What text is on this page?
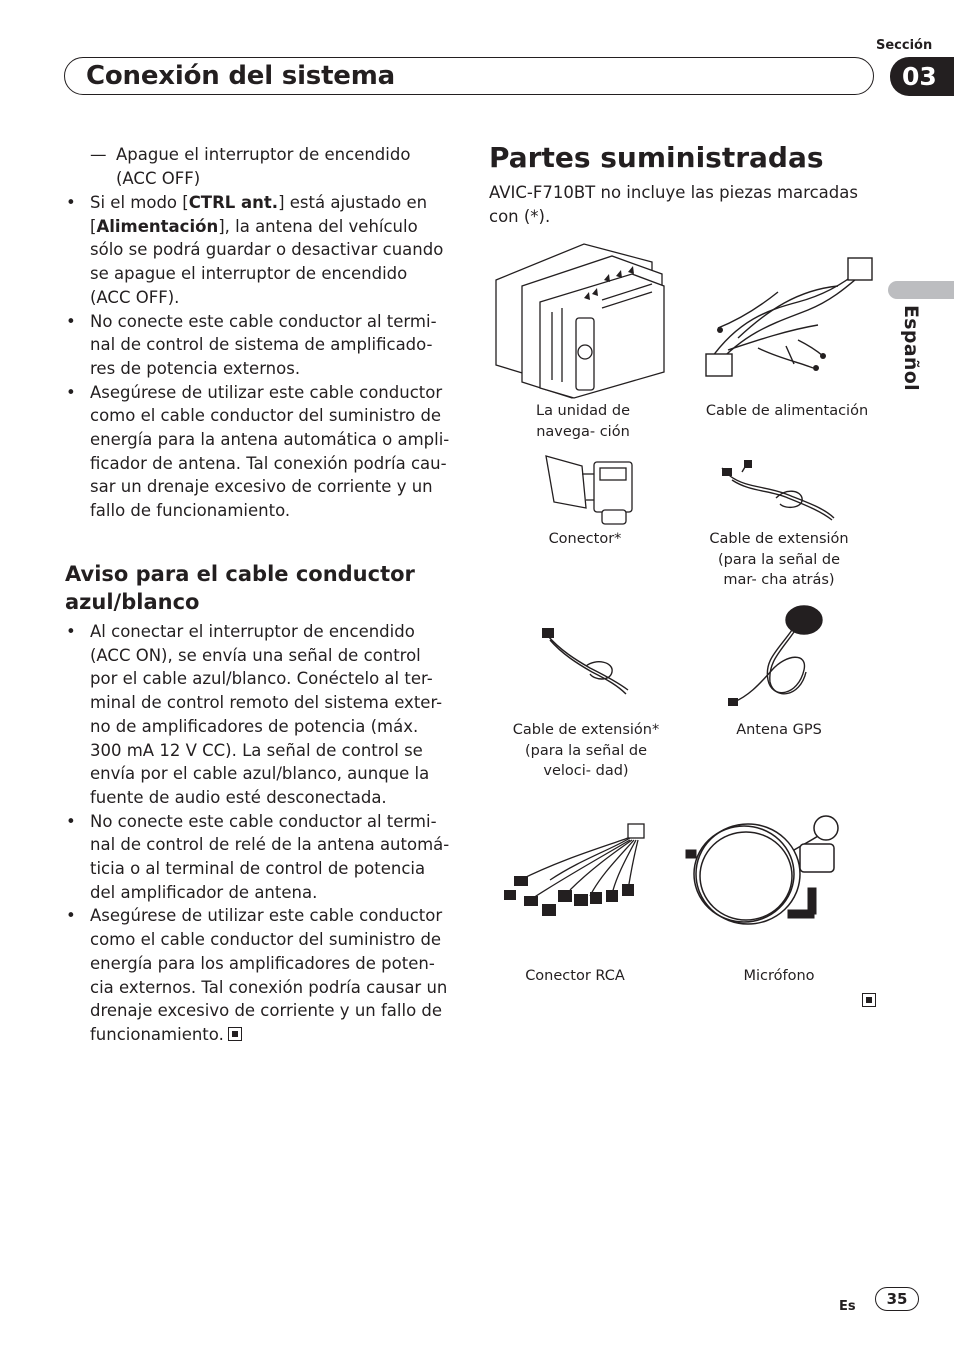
Sección
Conexión del sistema	03
Español
— Apague el interruptor de encendido (ACC OFF)
• Si el modo [CTRL ant.] está ajustado en [Alimentación], la antena del vehículo sólo se podrá guardar o desactivar cuando se apague el interruptor de encendido (ACC OFF).
• No conecte este cable conductor al termi- nal de control de sistema de amplificado- res de potencia externos.
• Asegúrese de utilizar este cable conductor como el cable conductor del suministro de energía para la antena automática o ampli- ficador de antena. Tal conexión podría cau- sar un drenaje excesivo de corriente y un fallo de funcionamiento.
Aviso para el cable conductor azul/blanco
• Al conectar el interruptor de encendido (ACC ON), se envía una señal de control por el cable azul/blanco. Conéctelo al ter- minal de control remoto del sistema exter- no de amplificadores de potencia (máx. 300 mA 12 V CC). La señal de control se envía por el cable azul/blanco, aunque la fuente de audio esté desconectada.
• No conecte este cable conductor al termi- nal de control de relé de la antena automá- ticia o al terminal de control de potencia del amplificador de antena.
• Asegúrese de utilizar este cable conductor como el cable conductor del suministro de energía para los amplificadores de poten- cia externos. Tal conexión podría causar un drenaje excesivo de corriente y un fallo de funcionamiento.
Partes suministradas
AVIC-F710BT no incluye las piezas marcadas con (*).
La unidad de navega- ción
Cable de alimentación
Conector*	Cable de extensión (para la señal de mar- cha atrás)
Cable de extensión* (para la señal de veloci- dad)
Antena GPS
Conector RCA	Micrófono
Es	35
